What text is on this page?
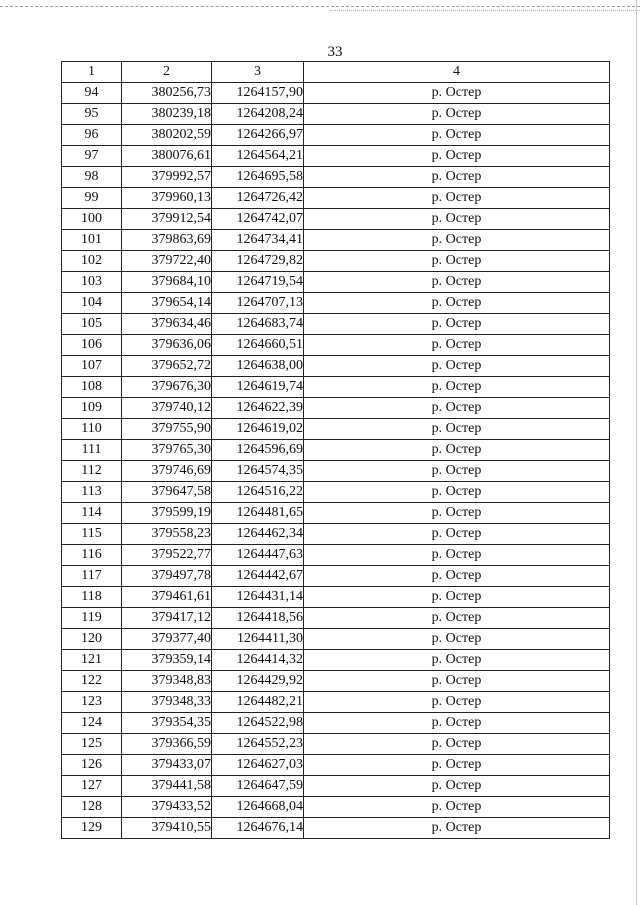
33
1	2	3	4
94	380256,73	1264157,90	р. Остер
95	380239,18	1264208,24	р. Остер
96	380202,59	1264266,97	р. Остер
97	380076,61	1264564,21	р. Остер
98	379992,57	1264695,58	р. Остер
99	379960,13	1264726,42	р. Остер
100	379912,54	1264742,07	р. Остер
101	379863,69	1264734,41	р. Остер
102	379722,40	1264729,82	р. Остер
103	379684,10	1264719,54	р. Остер
104	379654,14	1264707,13	р. Остер
105	379634,46	1264683,74	р. Остер
106	379636,06	1264660,51	р. Остер
107	379652,72	1264638,00	р. Остер
108	379676,30	1264619,74	р. Остер
109	379740,12	1264622,39	р. Остер
110	379755,90	1264619,02	р. Остер
111	379765,30	1264596,69	р. Остер
112	379746,69	1264574,35	р. Остер
113	379647,58	1264516,22	р. Остер
114	379599,19	1264481,65	р. Остер
115	379558,23	1264462,34	р. Остер
116	379522,77	1264447,63	р. Остер
117	379497,78	1264442,67	р. Остер
118	379461,61	1264431,14	р. Остер
119	379417,12	1264418,56	р. Остер
120	379377,40	1264411,30	р. Остер
121	379359,14	1264414,32	р. Остер
122	379348,83	1264429,92	р. Остер
123	379348,33	1264482,21	р. Остер
124	379354,35	1264522,98	р. Остер
125	379366,59	1264552,23	р. Остер
126	379433,07	1264627,03	р. Остер
127	379441,58	1264647,59	р. Остер
128	379433,52	1264668,04	р. Остер
129	379410,55	1264676,14	р. Остер
